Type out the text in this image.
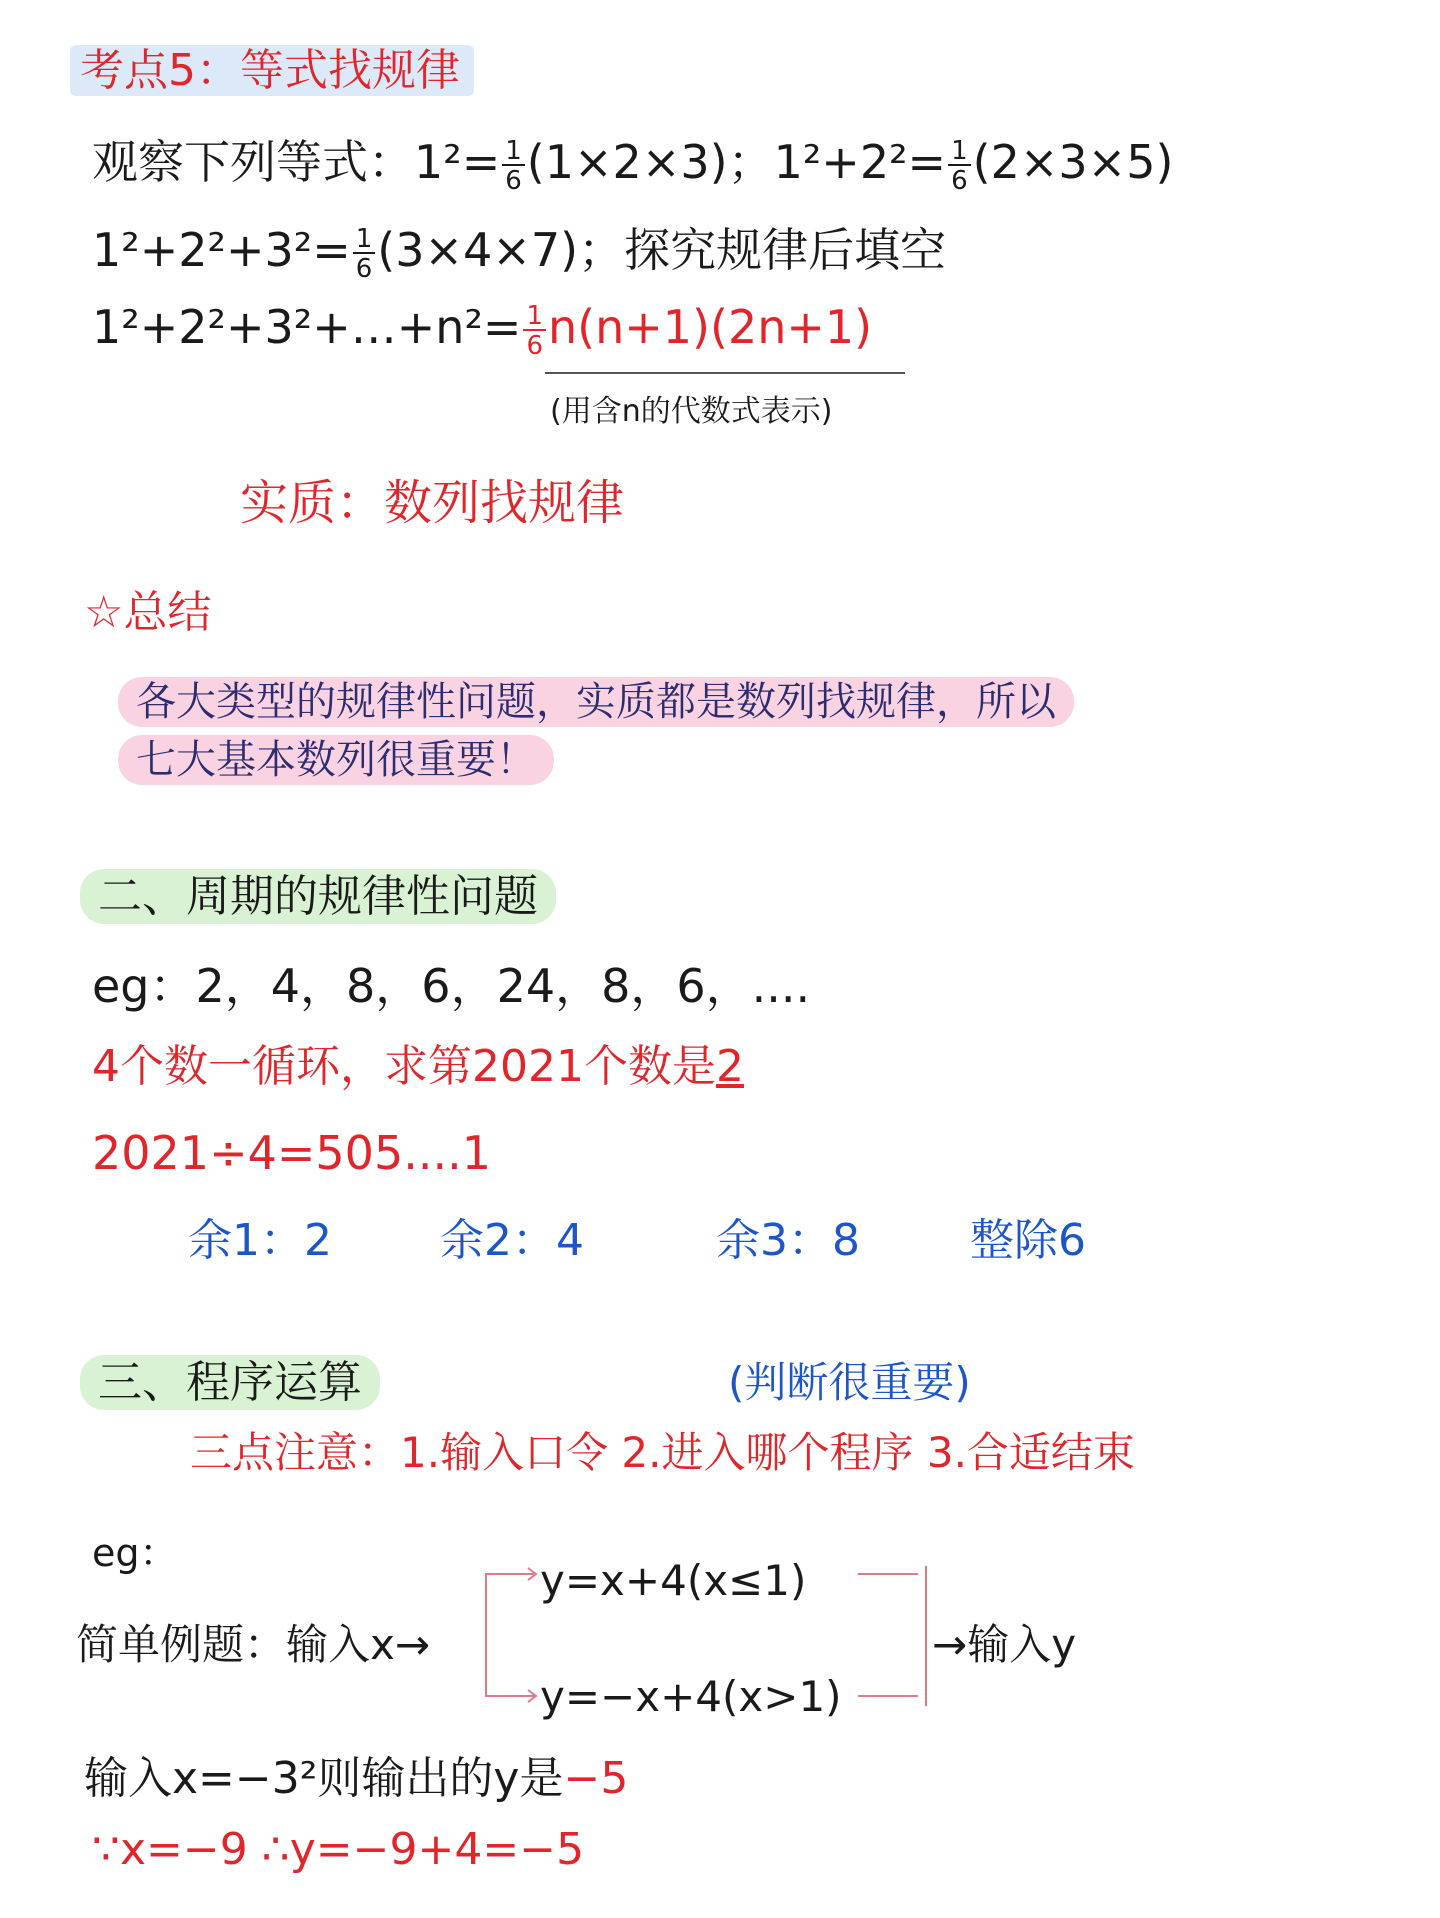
考点5：等式找规律
观察下列等式：$1^2= \frac{1}{6} (1\times 2\times 3)$；$1^2+2^2= \frac{1}{6} (2\times 3\times 5)$
$1^2+2^2+3^2= \frac{1}{6} (3\times 4\times 7)$；探究规律后填空
1²+2²+3²+…+n²= $\frac{1}{6} n(n+1)(2n+1)$
(用含n的代数式表示)
实质：数列找规律
☆总结
各大类型的规律性问题，实质都是数列找规律，所以
七大基本数列很重要！
二、周期的规律性问题
eg：2，4，8，6，24，8，6，....
4个数一循环，求第2021个数是2
2021÷4=505....1
余1：2 余2：4	余3：8	整除6
三、程序运算	(判断很重要)
三点注意：1.输入口令 2.进入哪个程序 3.合适结束
eg：
简单例题：输入x→
y=x+4(x≤1)
y=−x+4(x>1)
→输入y
输入x=−3²则输出的y是−5
∵x=−9 ∴y=−9+4=−5
